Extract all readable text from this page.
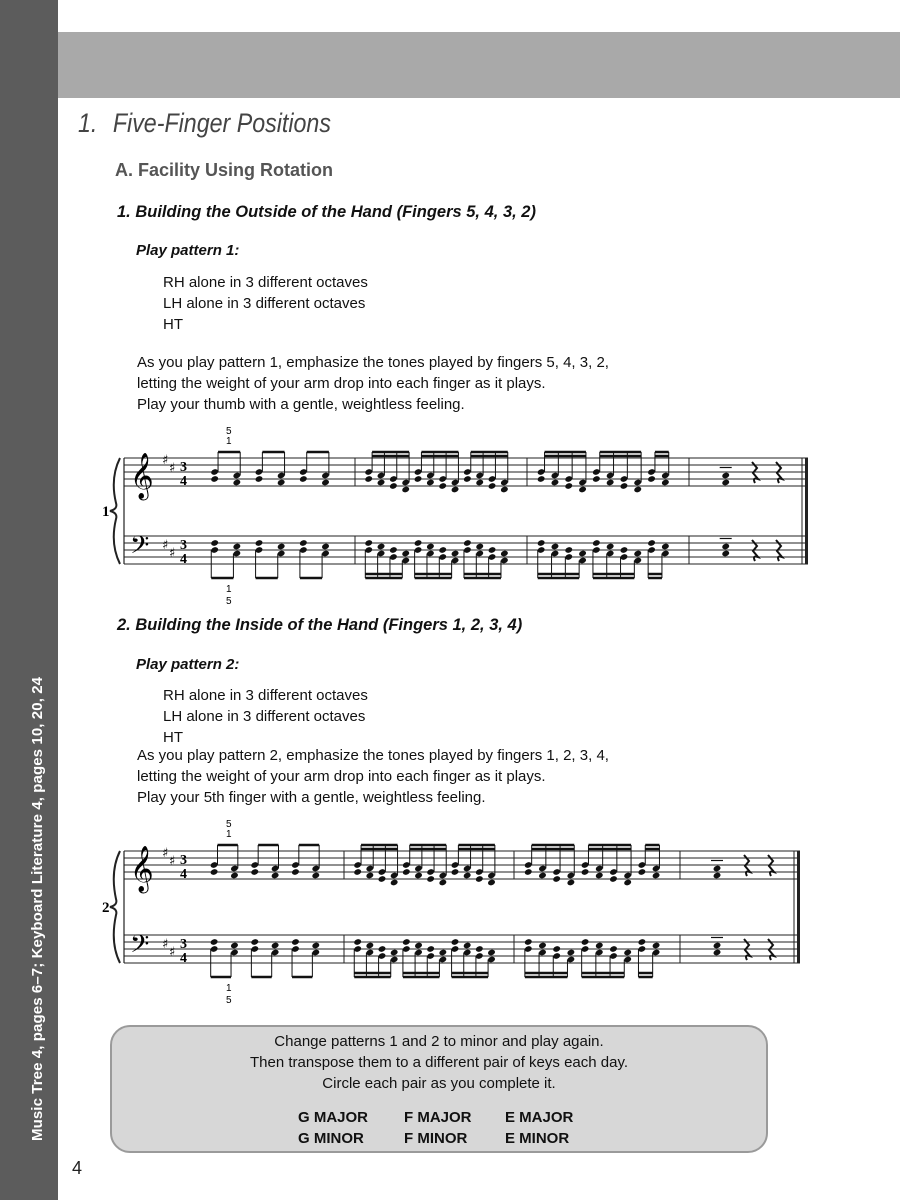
Music Tree 4, pages 6–7; Keyboard Literature 4, pages 10, 20, 24
1. Five-Finger Positions
A. Facility Using Rotation
1. Building the Outside of the Hand (Fingers 5, 4, 3, 2)
Play pattern 1:
RH alone in 3 different octaves
LH alone in 3 different octaves
HT
As you play pattern 1, emphasize the tones played by fingers 5, 4, 3, 2,
letting the weight of your arm drop into each finger as it plays.
Play your thumb with a gentle, weightless feeling.
1
𝄞
𝄢
♯
♯
♯
♯
3
4
3
4
5
1
1
5
2. Building the Inside of the Hand (Fingers 1, 2, 3, 4)
Play pattern 2:
RH alone in 3 different octaves
LH alone in 3 different octaves
HT
As you play pattern 2, emphasize the tones played by fingers 1, 2, 3, 4,
letting the weight of your arm drop into each finger as it plays.
Play your 5th finger with a gentle, weightless feeling.
2
𝄞
𝄢
♯
♯
♯
♯
3
4
3
4
5
1
1
5
Change patterns 1 and 2 to minor and play again.
Then transpose them to a different pair of keys each day.
Circle each pair as you complete it.
G MAJOR
G MINOR
F MAJOR
F MINOR
E MAJOR
E MINOR
4
